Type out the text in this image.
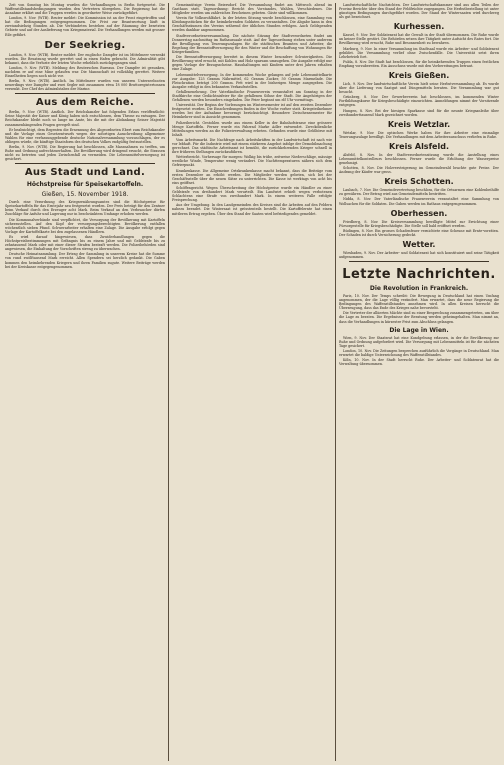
Zeit von Sonntag bis Montag wurden die Verhandlungen in Berlin fortgesetzt. Die Waffenstillstandsbedingungen wurden den Vertretern übergeben. Die Regierung hat die Annahme erklärt und die Truppen werden in geordneter Weise zurückgeführt.

London, 9. Nov. (WTB). Reuter meldet: Die Kommission ist an der Front eingetroffen und hat die Bedingungen entgegengenommen. Die Frist zur Beantwortung läuft in zweiundsiebzig Stunden ab. Die Verbündeten bestehen auf der Räumung der besetzten Gebiete und auf der Auslieferung von Kriegsmaterial. Die Verhandlungen werden mit grosser Eile geführt.

Der Seekrieg.

London, 9. Nov. (WTB). Reuter meldet: Der englische Dampfer ist im Mittelmeer versenkt worden. Die Besatzung wurde gerettet und in einen Hafen gebracht. Die Admiralität gibt bekannt, dass die Verluste der letzten Woche erheblich zurückgegangen sind.

London, 9. Nov. (WTB). Meldung des Reuterschen Bureaus. Der Dampfer ist gesunken, nachdem er auf eine Mine gelaufen war. Die Mannschaft ist vollzählig gerettet. Weitere Einzelheiten liegen noch nicht vor.

Berlin, 9. Nov. (WTB). Amtlich. Im Mittelmeer wurden von unseren Unterseebooten neuerdings vier Dampfer und zwei Segler mit zusammen etwa 18 000 Bruttoregistertonnen versenkt. Der Chef des Admiralstabes der Marine.

Aus dem Reiche.

Berlin, 9. Nov. (WTB). Amtlich. Der Reichskanzler hat folgenden Erlass veröffentlicht: Seine Majestät der Kaiser und König haben sich entschlossen, dem Throne zu entsagen. Der Reichskanzler bleibt noch so lange im Amte, bis die mit der Abdankung Seiner Majestät zusammenhängenden Fragen geregelt sind.

Er beabsichtigt, dem Regenten die Ernennung des Abgeordneten Ebert zum Reichskanzler und die Vorlage eines Gesetzentwurfs wegen der sofortigen Ausschreibung allgemeiner Wahlen für eine verfassunggebende deutsche Nationalversammlung vorzuschlagen, der es obliegen würde, die künftige Staatsform des deutschen Volkes endgültig festzustellen.

Berlin, 9. Nov. (WTB). Die Regierung hat beschlossen, alle Massnahmen zu treffen, um Ruhe und Ordnung aufrechtzuerhalten. Die Bevölkerung wird dringend ersucht, die Strassen nicht zu betreten und jeden Zwischenfall zu vermeiden. Die Lebensmittelversorgung ist gesichert.

Aus Stadt und Land.
Höchstpreise für Speisekartoffeln.
Gießen, 15. November 1918.

Durch eine Verordnung des Kriegsernährungsamtes sind die Höchstpreise für Speisekartoffeln für das Erntejahr neu festgesetzt worden. Der Preis beträgt für den Zentner beim Verkauf durch den Erzeuger acht Mark. Beim Verkauf an den Verbraucher dürfen Zuschläge für Anfuhr und Lagerung nur in beschränktem Umfange erhoben werden.

Die Kommunalverbände sind verpflichtet, die Versorgung der Bevölkerung mit Kartoffeln sicherzustellen. Auf den Kopf der versorgungsberechtigten Bevölkerung entfallen wöchentlich sieben Pfund. Schwerarbeiter erhalten eine Zulage. Die Ausgabe erfolgt gegen Vorlage der Kartoffelkarte bei den zugelassenen Händlern.

Es wird darauf hingewiesen, dass Zuwiderhandlungen gegen die Höchstpreisbestimmungen mit Gefängnis bis zu einem Jahre und mit Geldstrafe bis zu zehntausend Mark oder mit einer dieser Strafen bestraft werden. Die Polizeibehörden sind angewiesen, die Einhaltung der Vorschriften streng zu überwachen.

Deutsche Heimatsammlung. Der Ertrag der Sammlung in unserem Kreise hat die Summe von rund zwölftausend Mark erreicht. Allen Spendern sei herzlich gedankt. Die Gaben kommen den heimkehrenden Kriegern und ihren Familien zugute. Weitere Beiträge werden bei der Kreiskasse entgegengenommen.

Gemeinnützige Verein Beiersdorf. Die Versammlung findet am Mittwoch abend im Gasthaus statt. Tagesordnung: Bericht des Vorstandes, Wahlen, Verschiedenes. Die Mitglieder werden um zahlreiches Erscheinen gebeten. Gäste sind willkommen.

Verein für Volkswohlfahrt. In der letzten Sitzung wurde beschlossen, eine Sammlung von Kleidungsstücken für die heimkehrenden Soldaten zu veranstalten. Die Abgabe kann in den Geschäftsräumen des Vereins während der üblichen Stunden erfolgen. Auch Geldspenden werden dankbar angenommen.

Stadtverordnetenversammlung. Die nächste Sitzung der Stadtverordneten findet am Donnerstag nachmittag im Rathaussaale statt. Auf der Tagesordnung stehen unter anderem die Bewilligung von Teuerungszulagen für die städtischen Beamten und Arbeiter, die Regelung der Brennstoffversorgung für den Winter und die Beschaffung von Wohnungen für Kriegerfamilien.

Die Brennstoffversorgung bereitet in diesem Winter besondere Schwierigkeiten. Die Bevölkerung wird ersucht, mit Kohlen und Holz sparsam umzugehen. Die Ausgabe erfolgt nur gegen Vorlage der Bezugsscheine. Haushaltungen mit Kindern unter drei Jahren erhalten eine Zulage.

Lebensmittelversorgung. In der kommenden Woche gelangen auf jede Lebensmittelkarte zur Ausgabe: 125 Gramm Nährmittel, 62 Gramm Zucker, 50 Gramm Marmelade. Die Fleischration beträgt 200 Gramm. Fett wird in der bisherigen Menge ausgegeben. Die Ausgabe erfolgt in den bekannten Verkaufsstellen.

Gefallenenehrung. Der Vaterländische Frauenverein veranstaltet am Sonntag in der Stadtkirche eine Gedächtnisfeier für die gefallenen Söhne der Stadt. Die Angehörigen der Gefallenen werden besonders eingeladen. Die Feier beginnt um elf Uhr vormittags.

Universität. Der Beginn der Vorlesungen im Wintersemester ist auf den zweiten Dezember festgesetzt worden. Die Einschreibungen finden in der Woche vorher statt. Kriegsteilnehmer werden bei der Aufnahme bevorzugt berücksichtigt. Besondere Zwischensemester für Heimkehrer sind in Aussicht genommen.

Polizeibericht. Gestohlen wurde aus einem Keller in der Bahnhofstrasse eine grössere Menge Kartoffeln. Ferner wurde ein Fahrrad Marke Adler entwendet. Zweckdienliche Mitteilungen werden an die Polizeiverwaltung erbeten. Gefunden wurde eine Geldbörse mit Inhalt.

Vom Arbeitsmarkt. Die Nachfrage nach Arbeitskräften in der Landwirtschaft ist nach wie vor lebhaft. Für die Industrie wird mit einem stärkeren Angebot infolge der Demobilmachung gerechnet. Das städtische Arbeitsamt ist bemüht, die zurückkehrenden Krieger schnell in ihre früheren Stellungen zurückzuführen.

Wetterbericht. Vorhersage für morgen: Wolkig bis trübe, zeitweise Niederschläge, mässige westliche Winde, Temperatur wenig verändert. Die Nachttemperaturen nähern sich dem Gefrierpunkt.

Krankenkasse. Die Allgemeine Ortskrankenkasse macht bekannt, dass die Beiträge vom ersten Dezember an erhöht werden. Die Mitglieder werden gebeten, sich bei der Geschäftsstelle über die neuen Sätze zu unterrichten. Die Kasse ist werktags von acht bis eins geöffnet.

Schöffengericht. Wegen Überschreitung der Höchstpreise wurde ein Händler zu einer Geldstrafe von dreihundert Mark verurteilt. Ein Landwirt erhielt wegen verbotenen Schlachtens eine Strafe von zweihundert Mark. In einem weiteren Falle erfolgte Freisprechung.

Aus der Umgebung. In den Landgemeinden des Kreises sind die Arbeiten auf den Feldern nahezu beendet. Die Wintersaat ist grösstenteils bestellt. Die Kartoffelernte hat einen mittleren Ertrag ergeben. Über den Stand der Saaten wird befriedigendes gemeldet.

Landwirtschaftliche Nachrichten. Der Landwirtschaftskammer sind aus allen Teilen der Provinz Berichte über den Stand der Feldfrüchte zugegangen. Die Herbstbestellung ist unter günstigen Bedingungen durchgeführt worden. Der Stand der Wintersaaten wird durchweg als gut bezeichnet.

Kurhessen.

Kassel, 9. Nov. Der Soldatenrat hat die Gewalt in der Stadt übernommen. Die Ruhe wurde an keiner Stelle gestört. Die Behörden setzen ihre Tätigkeit unter Aufsicht des Rates fort. Die Bevölkerung wird ersucht, Ruhe und Besonnenheit zu bewahren.

Marburg, 9. Nov. In einer Versammlung im Stadtsaal wurde ein Arbeiter- und Soldatenrat gebildet. Die Versammlung verlief ohne Zwischenfälle. Die Universität setzt ihren Lehrbetrieb fort.

Fulda, 8. Nov. Die Stadt hat beschlossen, für die heimkehrenden Truppen einen festlichen Empfang vorzubereiten. Ein Ausschuss wurde mit den Vorbereitungen betraut.

Kreis Gießen.

Lich, 9. Nov. Der landwirtschaftliche Verein hielt seine Herbstversammlung ab. Es wurde über die Lieferung von Saatgut und Düngemitteln beraten. Die Versammlung war gut besucht.

Grünberg, 8. Nov. Der Gewerbeverein hat beschlossen, im kommenden Winter Fortbildungskurse für Kriegsbeschädigte einzurichten. Anmeldungen nimmt der Vorsitzende entgegen.

Hungen, 8. Nov. Bei der hiesigen Sparkasse sind für die neunte Kriegsanleihe über zweihunderttausend Mark gezeichnet worden.

Kreis Wetzlar.

Wetzlar, 9. Nov. Die optischen Werke haben für ihre Arbeiter eine einmalige Teuerungszulage bewilligt. Die Verhandlungen mit dem Arbeiterausschuss verliefen in Ruhe.

Kreis Alsfeld.

Alsfeld, 8. Nov. In der Stadtverordnetensitzung wurde die Anstellung eines Lebensmittelkontrolleurs beschlossen. Ferner wurde die Erhöhung der Wasserpreise genehmigt.

Schotten, 8. Nov. Die Holzversteigerung im Gemeindewald brachte gute Preise. Der Andrang der Käufer war gross.

Kreis Schotten.

Laubach, 7. Nov. Die Gemeindevertretung beschloss, für die Ortsarmen eine Kohlenbeihilfe zu gewähren. Der Betrag wird aus Gemeindemitteln bestritten.

Nidda, 8. Nov. Der Vaterländische Frauenverein veranstaltet eine Sammlung von Wollsachen für die Soldaten. Die Gaben werden im Rathaus entgegengenommen.

Oberhessen.

Friedberg, 8. Nov. Die Kreisversammlung bewilligte Mittel zur Errichtung einer Fürsorgestelle für Kriegsbeschädigte. Die Stelle soll bald eröffnet werden.

Büdingen, 8. Nov. Ein grosses Schadenfeuer vernichtete eine Scheune mit Ernte-vorräten. Der Schaden ist durch Versicherung gedeckt.

Wetter.

Wiesbaden, 9. Nov. Der Arbeiter- und Soldatenrat hat sich konstituiert und seine Tätigkeit aufgenommen.

Letzte Nachrichten.
Die Revolution in Frankreich.

Paris, 10. Nov. Der Temps schreibt: Die Bewegung in Deutschland hat einen Umfang angenommen, der die Lage völlig verändert. Man erwartet, dass die neue Regierung die Bedingungen des Waffenstillstandes annehmen wird. In allen Kreisen herrscht die Überzeugung, dass das Ende des Krieges nahe bevorsteht.

Die Vertreter der alliierten Mächte sind zu einer Besprechung zusammengetreten, um über die Lage zu beraten. Die Ergebnisse der Beratung werden geheimgehalten. Man nimmt an, dass die Verhandlungen in kürzester Frist zum Abschluss gelangen.

Die Lage in Wien.

Wien, 9. Nov. Der Staatsrat hat eine Kundgebung erlassen, in der die Bevölkerung zur Ruhe und Ordnung aufgefordert wird. Die Versorgung mit Lebensmitteln ist für die nächsten Tage gesichert.

London, 10. Nov. Die Zeitungen besprechen ausführlich die Vorgänge in Deutschland. Man erwartet die baldige Unterzeichnung des Waffenstillstandes.

Köln, 10. Nov. In der Stadt herrscht Ruhe. Der Arbeiter- und Soldatenrat hat die Verwaltung übernommen.
